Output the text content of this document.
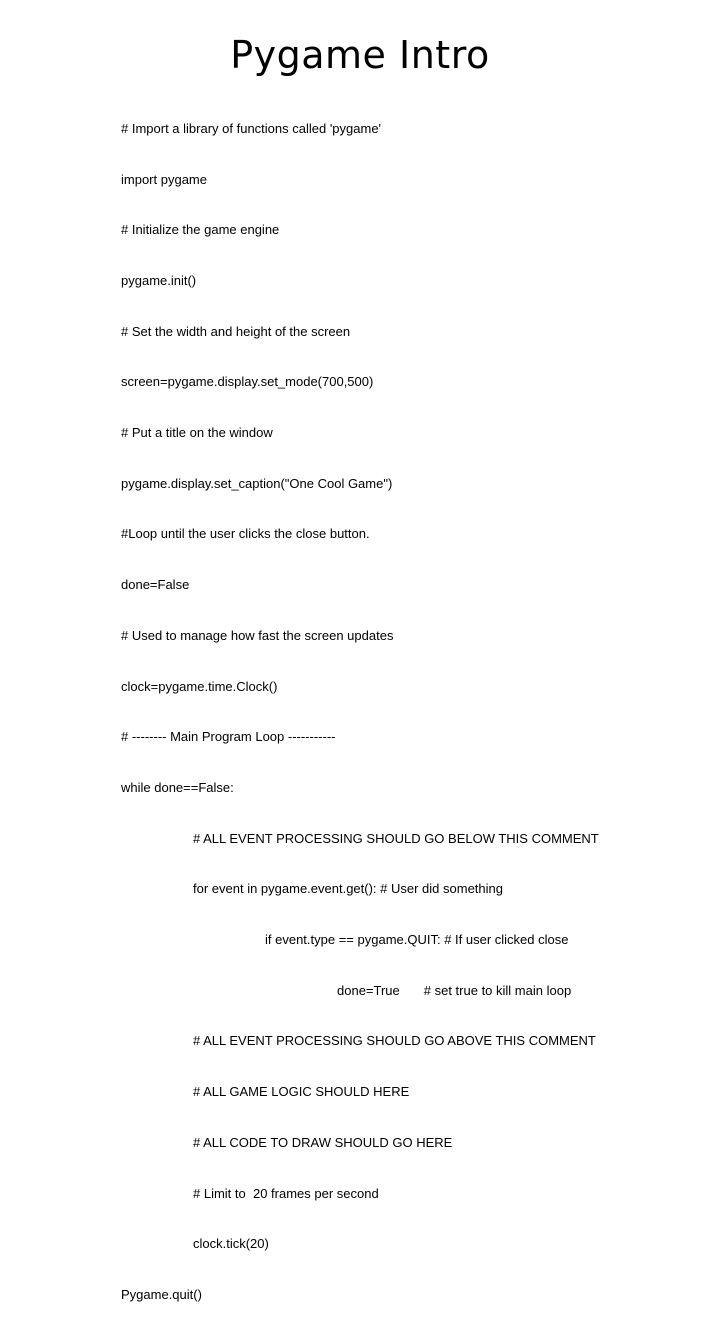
Pygame Intro

# Import a library of functions called 'pygame'

import pygame

# Initialize the game engine

pygame.init()

# Set the width and height of the screen

screen=pygame.display.set_mode(700,500)

# Put a title on the window

pygame.display.set_caption("One Cool Game")

#Loop until the user clicks the close button.

done=False

# Used to manage how fast the screen updates

clock=pygame.time.Clock()

# -------- Main Program Loop -----------

while done==False:

# ALL EVENT PROCESSING SHOULD GO BELOW THIS COMMENT

for event in pygame.event.get(): # User did something

if event.type == pygame.QUIT: # If user clicked close

done=True # set true to kill main loop

# ALL EVENT PROCESSING SHOULD GO ABOVE THIS COMMENT

# ALL GAME LOGIC SHOULD HERE

# ALL CODE TO DRAW SHOULD GO HERE

# Limit to  20 frames per second

clock.tick(20)

Pygame.quit()
